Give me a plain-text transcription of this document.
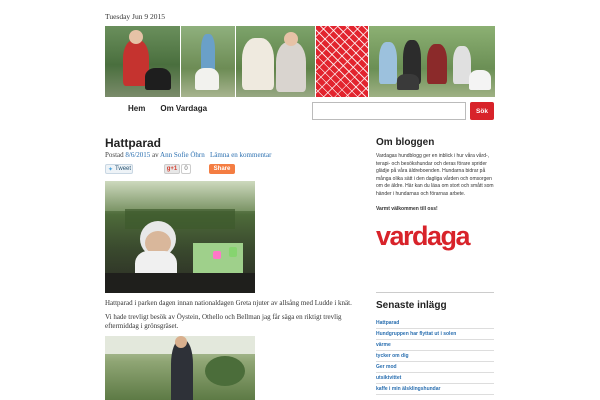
Tuesday Jun 9 2015
Hem Om Vardaga	Sök
Hattparad
Postad 8/6/2015 av Ann Sofie Öhrn Lämna en kommentar
✦ Tweet	g+1	0	Share

Hattparad i parken dagen innan nationaldagen Greta njuter av allsång med Ludde i knät.

Vi hade trevligt besök av Öystein, Othello och Bellman jag får säga en riktigt trevlig eftermiddag i grönsgräset.

Om bloggen

Vardagas hundblogg ger en inblick i hur våra vård-, terapi- och besökshundar och deras förare sprider glädje på våra äldreboenden. Hundarna bidrar på många olika sätt i den dagliga vården och omsorgen om de äldre. Här kan du läsa om stort och smått som händer i hundarnas och förarnas arbete.

Varmt välkommen till oss!

vardaga
Senaste inlägg
Hattparad
Hundgruppen har flyttat ut i solen
värme
tycker om dig
Ger mod
utsiktvittet
kaffe i min älsklingshundar
